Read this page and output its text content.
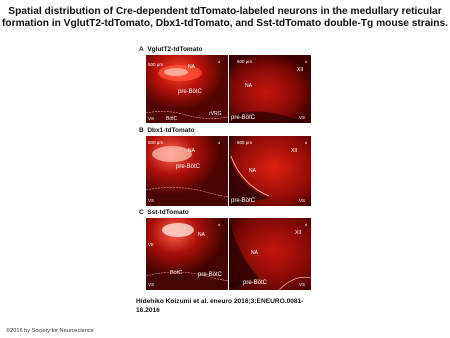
Spatial distribution of Cre-dependent tdTomato-labeled neurons in the medullary reticular
formation in VglutT2-tdTomato, Dbx1-tdTomato, and Sst-tdTomato double-Tg mouse strains.
A VglutT2-tdTomato
B Dbx1-tdTomato
C Sst-tdTomato
500 µm	NA
pre-BötC
BötC
rVRG
VS
d	500 µm
XII
NA
pre-BötC	VS
d
500 µm
NA
pre-BötC
VS
d	500 µm
XII
NA
pre-BötC	VS
d
VII
NA
BötC	pre-BötC
VS
d
XII
NA
pre-BötC	VS
d
Hidehiko Koizumi et al. eneuro 2016;3:ENEURO.0081-16.2016
©2016 by Society for Neuroscience
